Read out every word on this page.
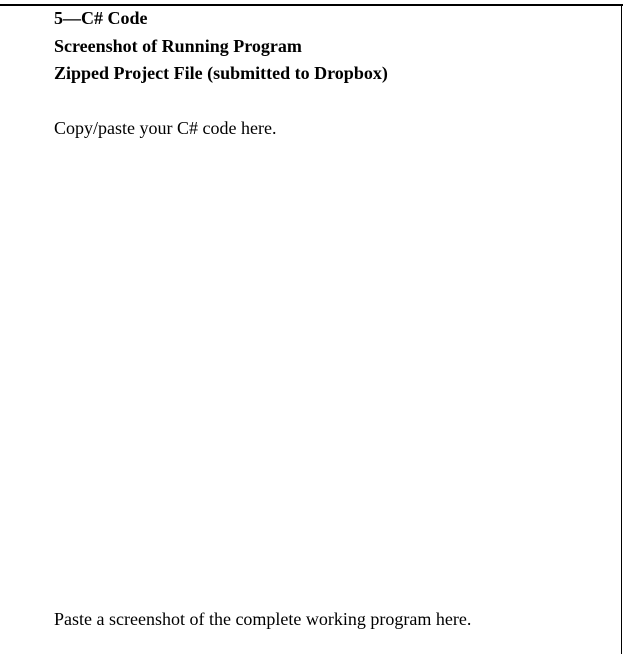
5—C# Code
Screenshot of Running Program
Zipped Project File (submitted to Dropbox)
Copy/paste your C# code here.
Paste a screenshot of the complete working program here.
